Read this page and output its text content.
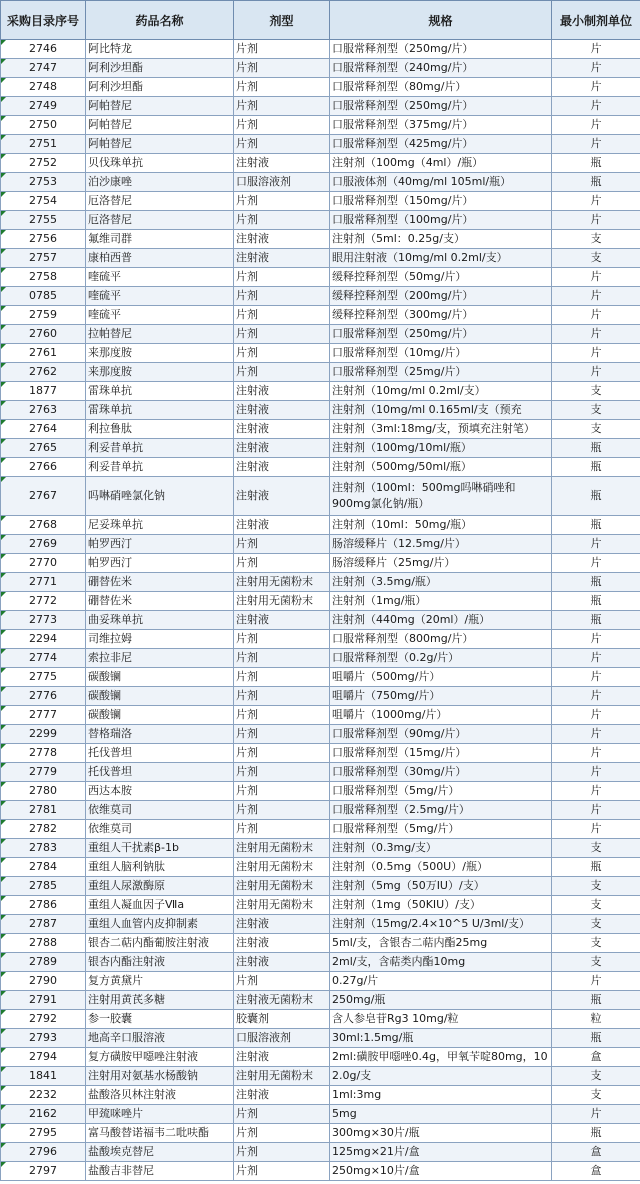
采购目录序号	药品名称	剂型	规格	最小制剂单位
2746	阿比特龙	片剂	口服常释剂型（250mg/片）	片
2747	阿利沙坦酯	片剂	口服常释剂型（240mg/片）	片
2748	阿利沙坦酯	片剂	口服常释剂型（80mg/片）	片
2749	阿帕替尼	片剂	口服常释剂型（250mg/片）	片
2750	阿帕替尼	片剂	口服常释剂型（375mg/片）	片
2751	阿帕替尼	片剂	口服常释剂型（425mg/片）	片
2752	贝伐珠单抗	注射液	注射剂（100mg（4ml）/瓶）	瓶
2753	泊沙康唑	口服溶液剂	口服液体剂（40mg/ml 105ml/瓶）	瓶
2754	厄洛替尼	片剂	口服常释剂型（150mg/片）	片
2755	厄洛替尼	片剂	口服常释剂型（100mg/片）	片
2756	氟维司群	注射液	注射剂（5ml：0.25g/支）	支
2757	康柏西普	注射液	眼用注射液（10mg/ml 0.2ml/支）	支
2758	喹硫平	片剂	缓释控释剂型（50mg/片）	片
0785	喹硫平	片剂	缓释控释剂型（200mg/片）	片
2759	喹硫平	片剂	缓释控释剂型（300mg/片）	片
2760	拉帕替尼	片剂	口服常释剂型（250mg/片）	片
2761	来那度胺	片剂	口服常释剂型（10mg/片）	片
2762	来那度胺	片剂	口服常释剂型（25mg/片）	片
1877	雷珠单抗	注射液	注射剂（10mg/ml 0.2ml/支）	支
2763	雷珠单抗	注射液	注射剂（10mg/ml 0.165ml/支（预充	支
2764	利拉鲁肽	注射液	注射剂（3ml:18mg/支，预填充注射笔）	支
2765	利妥昔单抗	注射液	注射剂（100mg/10ml/瓶）	瓶
2766	利妥昔单抗	注射液	注射剂（500mg/50ml/瓶）	瓶
2767	吗啉硝唑氯化钠	注射液	注射剂（100ml：500mg吗啉硝唑和900mg氯化钠/瓶）	瓶
2768	尼妥珠单抗	注射液	注射剂（10ml：50mg/瓶）	瓶
2769	帕罗西汀	片剂	肠溶缓释片（12.5mg/片）	片
2770	帕罗西汀	片剂	肠溶缓释片（25mg/片）	片
2771	硼替佐米	注射用无菌粉末	注射剂（3.5mg/瓶）	瓶
2772	硼替佐米	注射用无菌粉末	注射剂（1mg/瓶）	瓶
2773	曲妥珠单抗	注射液	注射剂（440mg（20ml）/瓶）	瓶
2294	司维拉姆	片剂	口服常释剂型（800mg/片）	片
2774	索拉非尼	片剂	口服常释剂型（0.2g/片）	片
2775	碳酸镧	片剂	咀嚼片（500mg/片）	片
2776	碳酸镧	片剂	咀嚼片（750mg/片）	片
2777	碳酸镧	片剂	咀嚼片（1000mg/片）	片
2299	替格瑞洛	片剂	口服常释剂型（90mg/片）	片
2778	托伐普坦	片剂	口服常释剂型（15mg/片）	片
2779	托伐普坦	片剂	口服常释剂型（30mg/片）	片
2780	西达本胺	片剂	口服常释剂型（5mg/片）	片
2781	依维莫司	片剂	口服常释剂型（2.5mg/片）	片
2782	依维莫司	片剂	口服常释剂型（5mg/片）	片
2783	重组人干扰素β-1b	注射用无菌粉末	注射剂（0.3mg/支）	支
2784	重组人脑利钠肽	注射用无菌粉末	注射剂（0.5mg（500U）/瓶）	瓶
2785	重组人尿激酶原	注射用无菌粉末	注射剂（5mg（50万IU）/支）	支
2786	重组人凝血因子Ⅶa	注射用无菌粉末	注射剂（1mg（50KIU）/支）	支
2787	重组人血管内皮抑制素	注射液	注射剂（15mg/2.4×10^5 U/3ml/支）	支
2788	银杏二萜内酯葡胺注射液	注射液	5ml/支，含银杏二萜内酯25mg	支
2789	银杏内酯注射液	注射液	2ml/支，含萜类内酯10mg	支
2790	复方黄黛片	片剂	0.27g/片	片
2791	注射用黄芪多糖	注射液无菌粉末	250mg/瓶	瓶
2792	参一胶囊	胶囊剂	含人参皂苷Rg3 10mg/粒	粒
2793	地高辛口服溶液	口服溶液剂	30ml:1.5mg/瓶	瓶
2794	复方磺胺甲噁唑注射液	注射液	2ml:磺胺甲噁唑0.4g，甲氧苄啶80mg，10	盒
1841	注射用对氨基水杨酸钠	注射用无菌粉末	2.0g/支	支
2232	盐酸洛贝林注射液	注射液	1ml:3mg	支
2162	甲巯咪唑片	片剂	5mg	片
2795	富马酸替诺福韦二吡呋酯	片剂	300mg×30片/瓶	瓶
2796	盐酸埃克替尼	片剂	125mg×21片/盒	盒
2797	盐酸吉非替尼	片剂	250mg×10片/盒	盒
